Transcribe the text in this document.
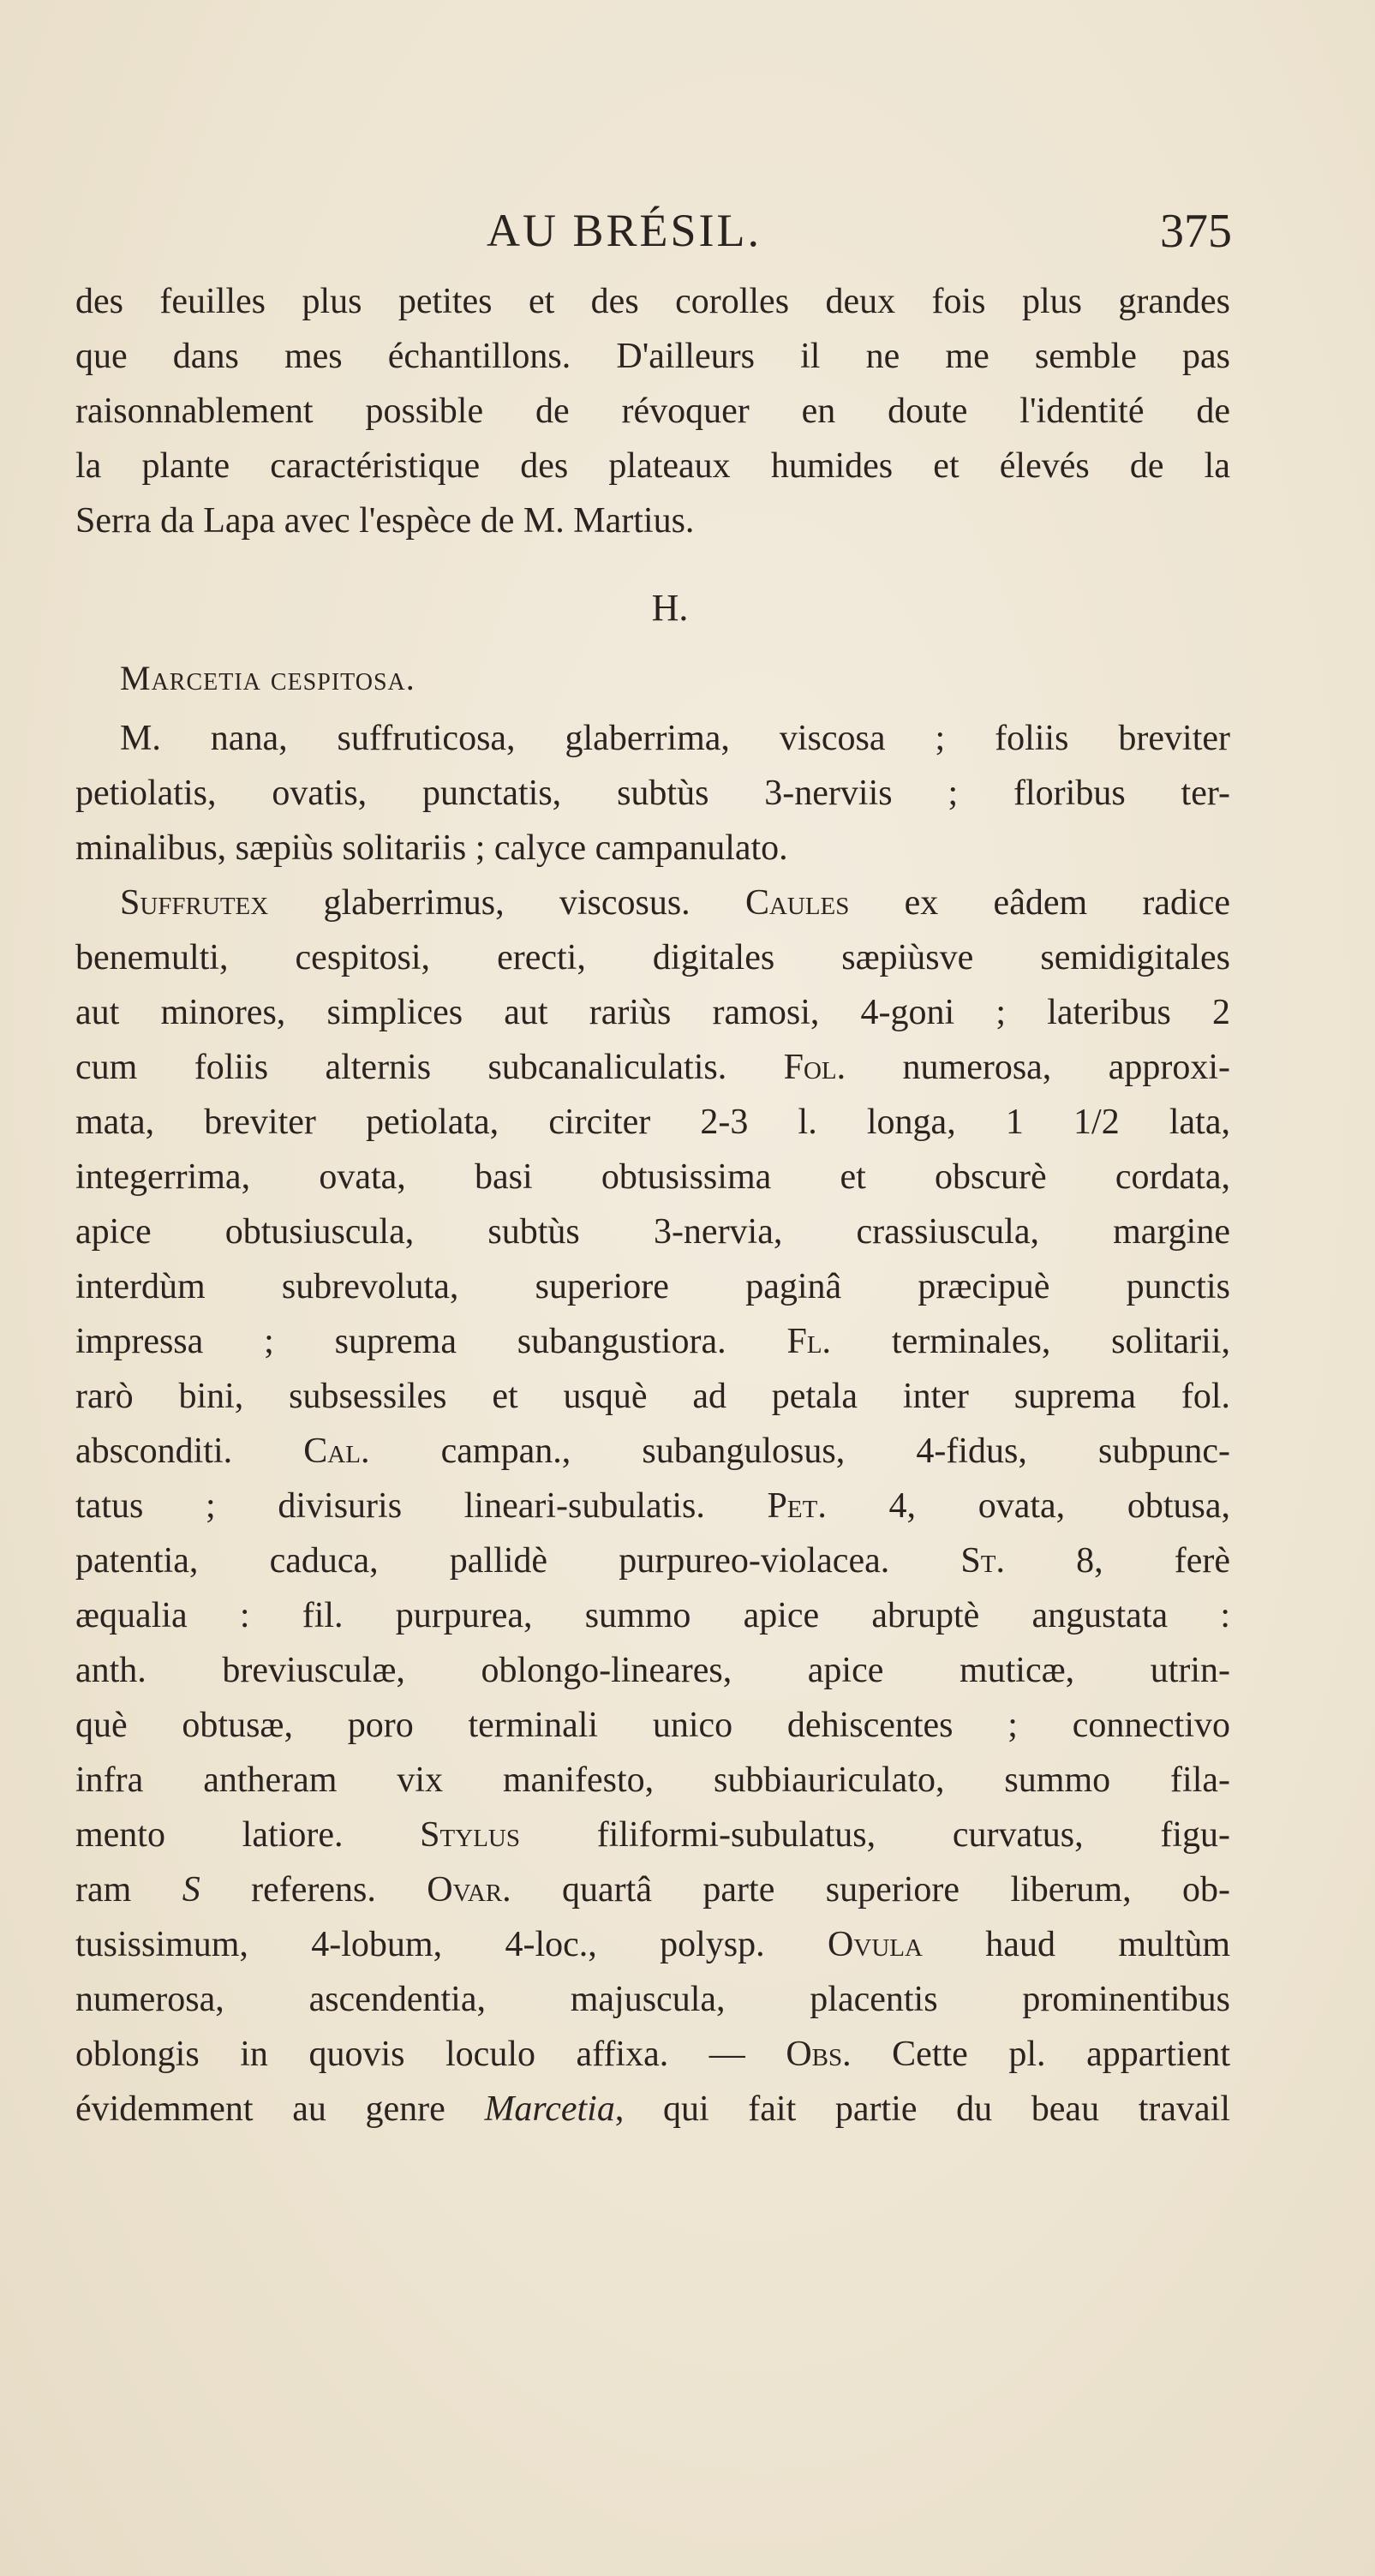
AU BRÉSIL.	375
des feuilles plus petites et des corolles deux fois plus grandes
que dans mes échantillons. D'ailleurs il ne me semble pas
raisonnablement possible de révoquer en doute l'identité de
la plante caractéristique des plateaux humides et élevés de la
Serra da Lapa avec l'espèce de M. Martius.
H.
Marcetia cespitosa.
M. nana, suffruticosa, glaberrima, viscosa ; foliis breviter
petiolatis, ovatis, punctatis, subtùs 3-nerviis ; floribus ter-
minalibus, sæpiùs solitariis ; calyce campanulato.
Suffrutex glaberrimus, viscosus. Caules ex eâdem radice
benemulti, cespitosi, erecti, digitales sæpiùsve semidigitales
aut minores, simplices aut rariùs ramosi, 4-goni ; lateribus 2
cum foliis alternis subcanaliculatis. Fol. numerosa, approxi-
mata, breviter petiolata, circiter 2-3 l. longa, 1 1/2 lata,
integerrima, ovata, basi obtusissima et obscurè cordata,
apice obtusiuscula, subtùs 3-nervia, crassiuscula, margine
interdùm subrevoluta, superiore paginâ præcipuè punctis
impressa ; suprema subangustiora. Fl. terminales, solitarii,
rarò bini, subsessiles et usquè ad petala inter suprema fol.
absconditi. Cal. campan., subangulosus, 4-fidus, subpunc-
tatus ; divisuris lineari-subulatis. Pet. 4, ovata, obtusa,
patentia, caduca, pallidè purpureo-violacea. St. 8, ferè
æqualia : fil. purpurea, summo apice abruptè angustata :
anth. breviusculæ, oblongo-lineares, apice muticæ, utrin-
què obtusæ, poro terminali unico dehiscentes ; connectivo
infra antheram vix manifesto, subbiauriculato, summo fila-
mento latiore. Stylus filiformi-subulatus, curvatus, figu-
ram S referens. Ovar. quartâ parte superiore liberum, ob-
tusissimum, 4-lobum, 4-loc., polysp. Ovula haud multùm
numerosa, ascendentia, majuscula, placentis prominentibus
oblongis in quovis loculo affixa. — Obs. Cette pl. appartient
évidemment au genre Marcetia, qui fait partie du beau travail
